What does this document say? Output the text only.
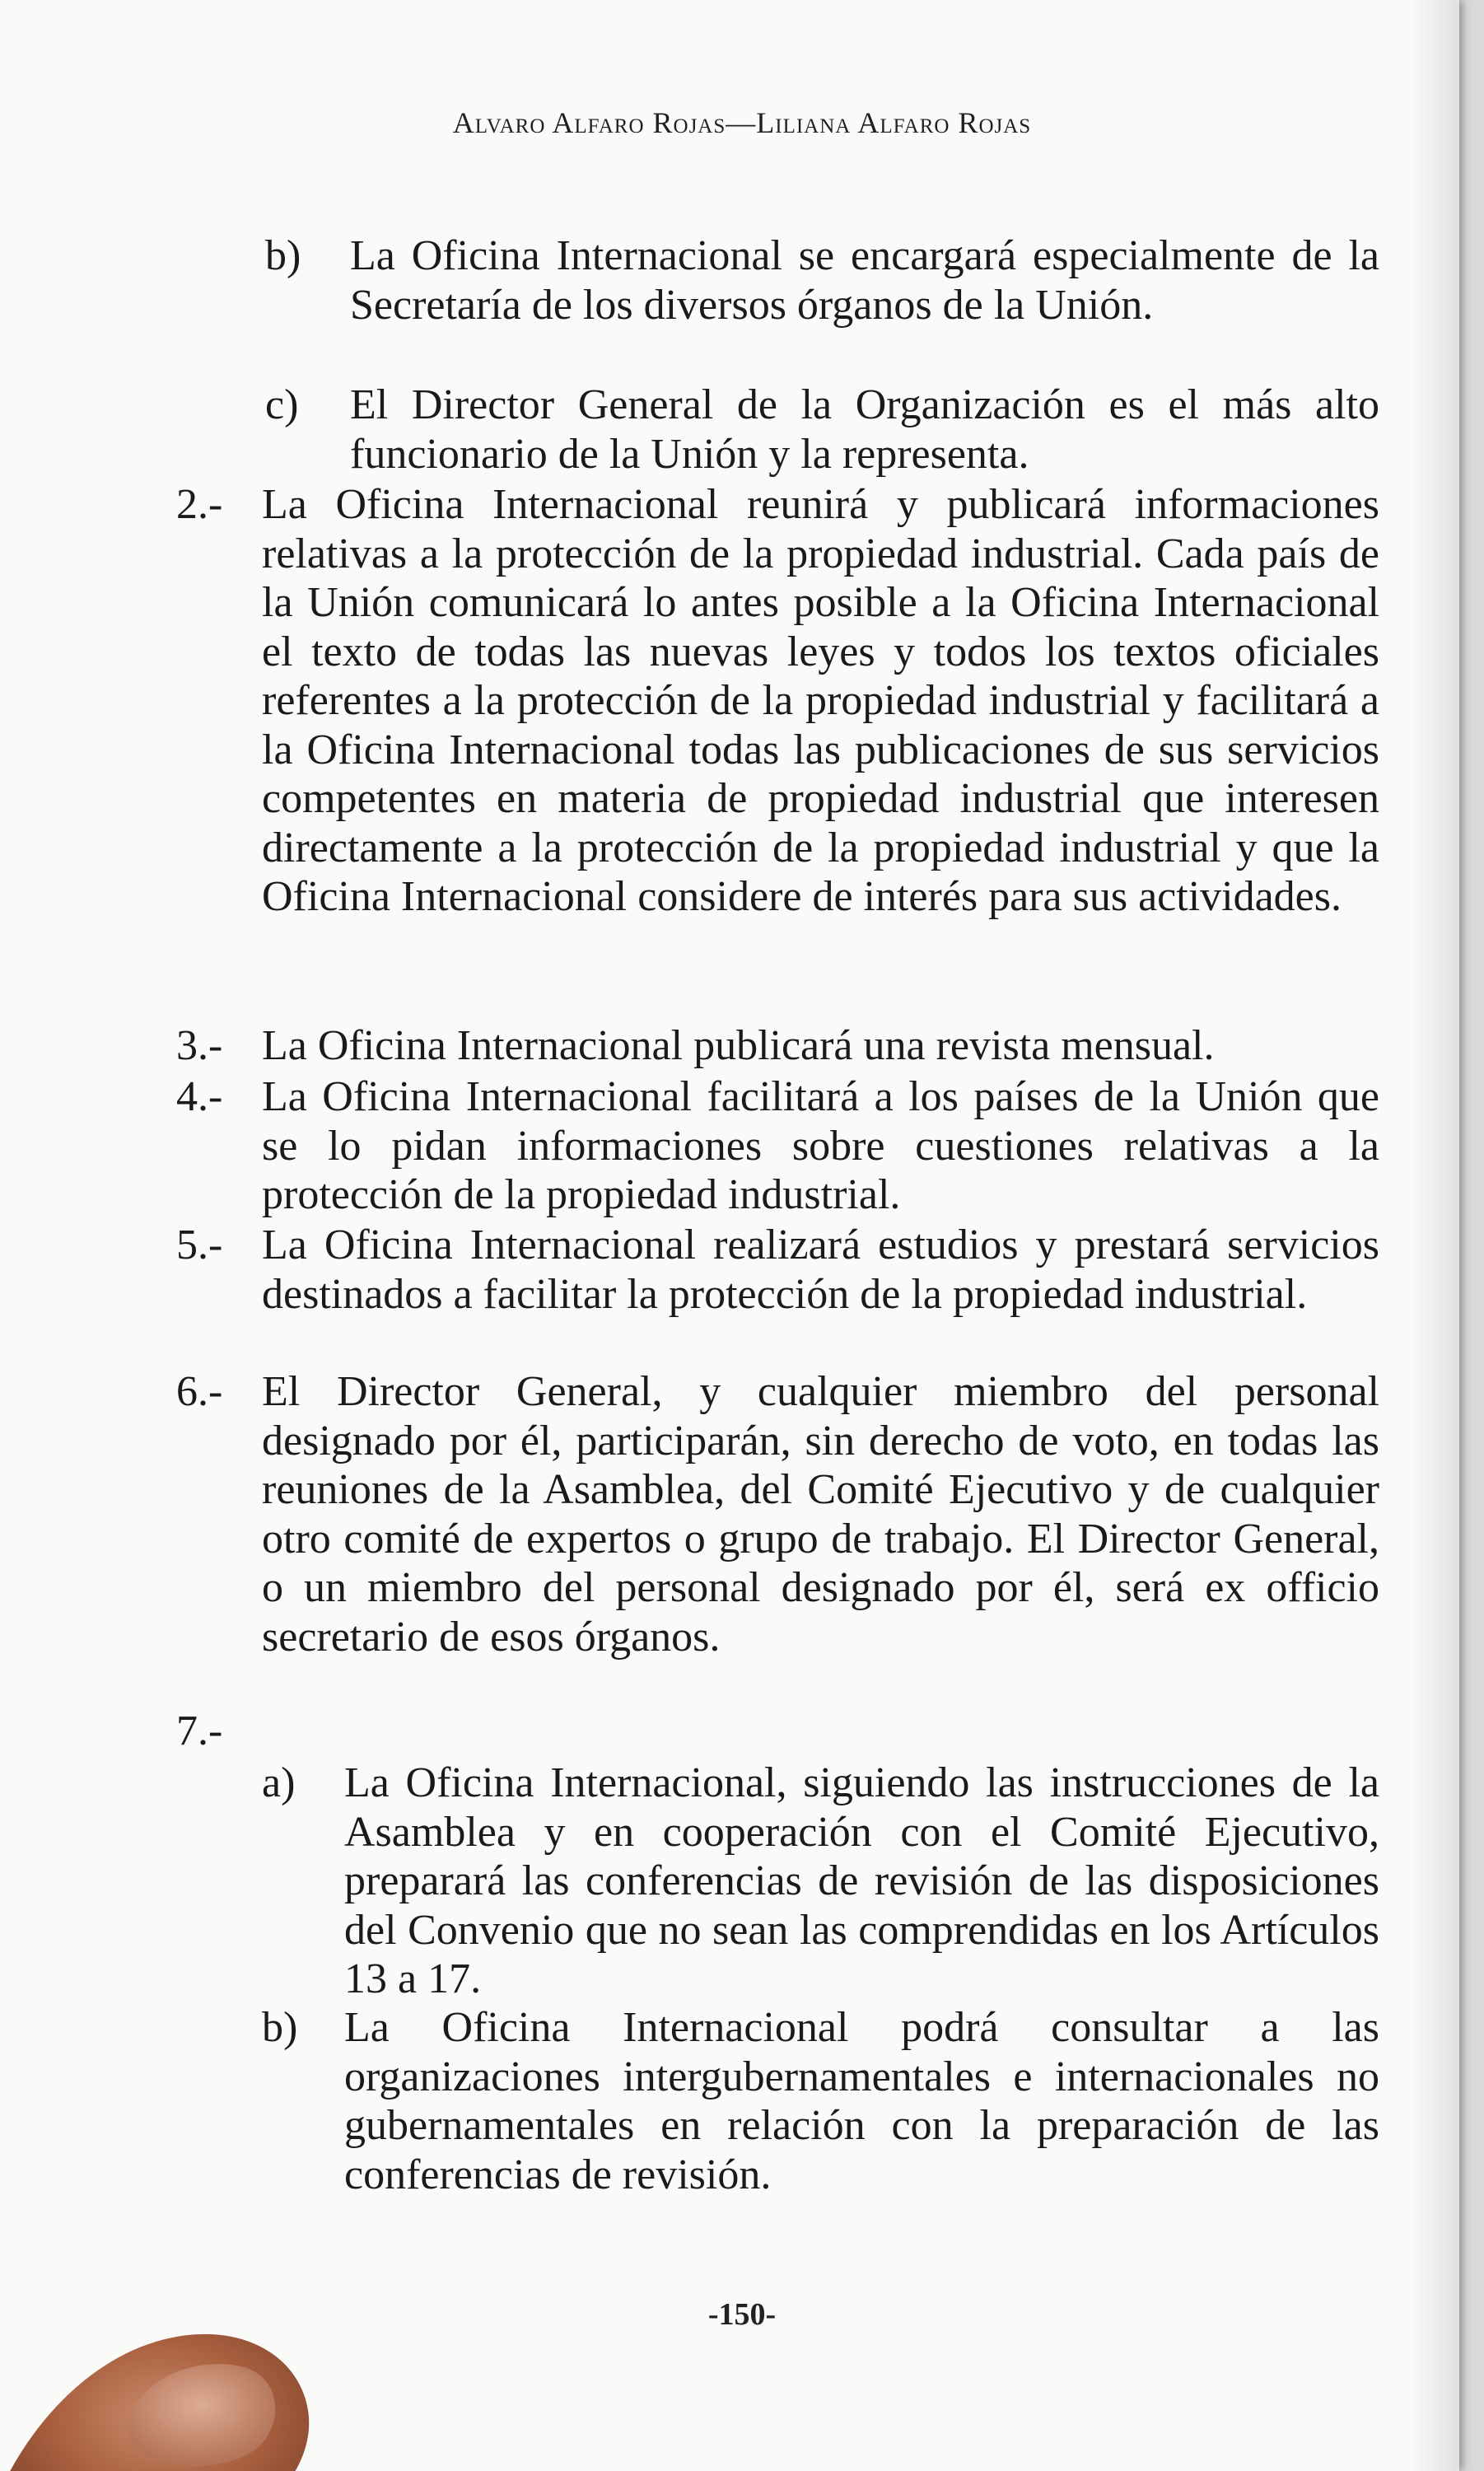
Alvaro Alfaro Rojas—Liliana Alfaro Rojas
b) La Oficina Internacional se encargará especialmente de la Secretaría de los diversos órganos de la Unión.
c) El Director General de la Organización es el más alto funcionario de la Unión y la representa.
2.- La Oficina Internacional reunirá y publicará informaciones relativas a la protección de la propiedad industrial. Cada país de la Unión comunicará lo antes posible a la Oficina Internacional el texto de todas las nuevas leyes y todos los textos oficiales referentes a la protección de la propiedad industrial y facilitará a la Oficina Internacional todas las publicaciones de sus servicios competentes en materia de propiedad industrial que interesen directamente a la protección de la propiedad industrial y que la Oficina Internacional considere de interés para sus actividades.
3.- La Oficina Internacional publicará una revista mensual.
4.- La Oficina Internacional facilitará a los países de la Unión que se lo pidan informaciones sobre cuestiones relativas a la protección de la propiedad industrial.
5.- La Oficina Internacional realizará estudios y prestará servicios destinados a facilitar la protección de la propiedad industrial.
6.- El Director General, y cualquier miembro del personal designado por él, participarán, sin derecho de voto, en todas las reuniones de la Asamblea, del Comité Ejecutivo y de cualquier otro comité de expertos o grupo de trabajo. El Director General, o un miembro del personal designado por él, será ex officio secretario de esos órganos.
7.-
a) La Oficina Internacional, siguiendo las instrucciones de la Asamblea y en cooperación con el Comité Ejecutivo, preparará las conferencias de revisión de las disposiciones del Convenio que no sean las comprendidas en los Artículos 13 a 17.
b) La Oficina Internacional podrá consultar a las organizaciones intergubernamentales e internacionales no gubernamentales en relación con la preparación de las conferencias de revisión.
-150-
